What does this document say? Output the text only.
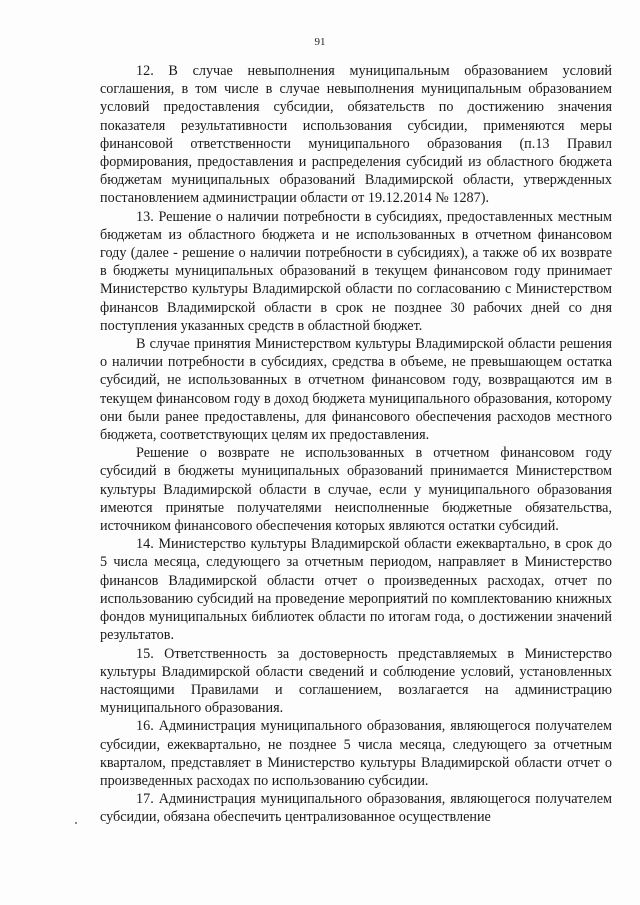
91

12. В случае невыполнения муниципальным образованием условий соглашения, в том числе в случае невыполнения муниципальным образованием условий предоставления субсидии, обязательств по достижению значения показателя результативности использования субсидии, применяются меры финансовой ответственности муниципального образования (п.13 Правил формирования, предоставления и распределения субсидий из областного бюджета бюджетам муниципальных образований Владимирской области, утвержденных постановлением администрации области от 19.12.2014 № 1287).

13. Решение о наличии потребности в субсидиях, предоставленных местным бюджетам из областного бюджета и не использованных в отчетном финансовом году (далее - решение о наличии потребности в субсидиях), а также об их возврате в бюджеты муниципальных образований в текущем финансовом году принимает Министерство культуры Владимирской области по согласованию с Министерством финансов Владимирской области в срок не позднее 30 рабочих дней со дня поступления указанных средств в областной бюджет.

В случае принятия Министерством культуры Владимирской области решения о наличии потребности в субсидиях, средства в объеме, не превышающем остатка субсидий, не использованных в отчетном финансовом году, возвращаются им в текущем финансовом году в доход бюджета муниципального образования, которому они были ранее предоставлены, для финансового обеспечения расходов местного бюджета, соответствующих целям их предоставления.

Решение о возврате не использованных в отчетном финансовом году субсидий в бюджеты муниципальных образований принимается Министерством культуры Владимирской области в случае, если у муниципального образования имеются принятые получателями неисполненные бюджетные обязательства, источником финансового обеспечения которых являются остатки субсидий.

14. Министерство культуры Владимирской области ежеквартально, в срок до 5 числа месяца, следующего за отчетным периодом, направляет в Министерство финансов Владимирской области отчет о произведенных расходах, отчет по использованию субсидий на проведение мероприятий по комплектованию книжных фондов муниципальных библиотек области по итогам года, о достижении значений результатов.

15. Ответственность за достоверность представляемых в Министерство культуры Владимирской области сведений и соблюдение условий, установленных настоящими Правилами и соглашением, возлагается на администрацию муниципального образования.

16. Администрация муниципального образования, являющегося получателем субсидии, ежеквартально, не позднее 5 числа месяца, следующего за отчетным кварталом, представляет в Министерство культуры Владимирской области отчет о произведенных расходах по использованию субсидии.

17. Администрация муниципального образования, являющегося получателем субсидии, обязана обеспечить централизованное осуществление
